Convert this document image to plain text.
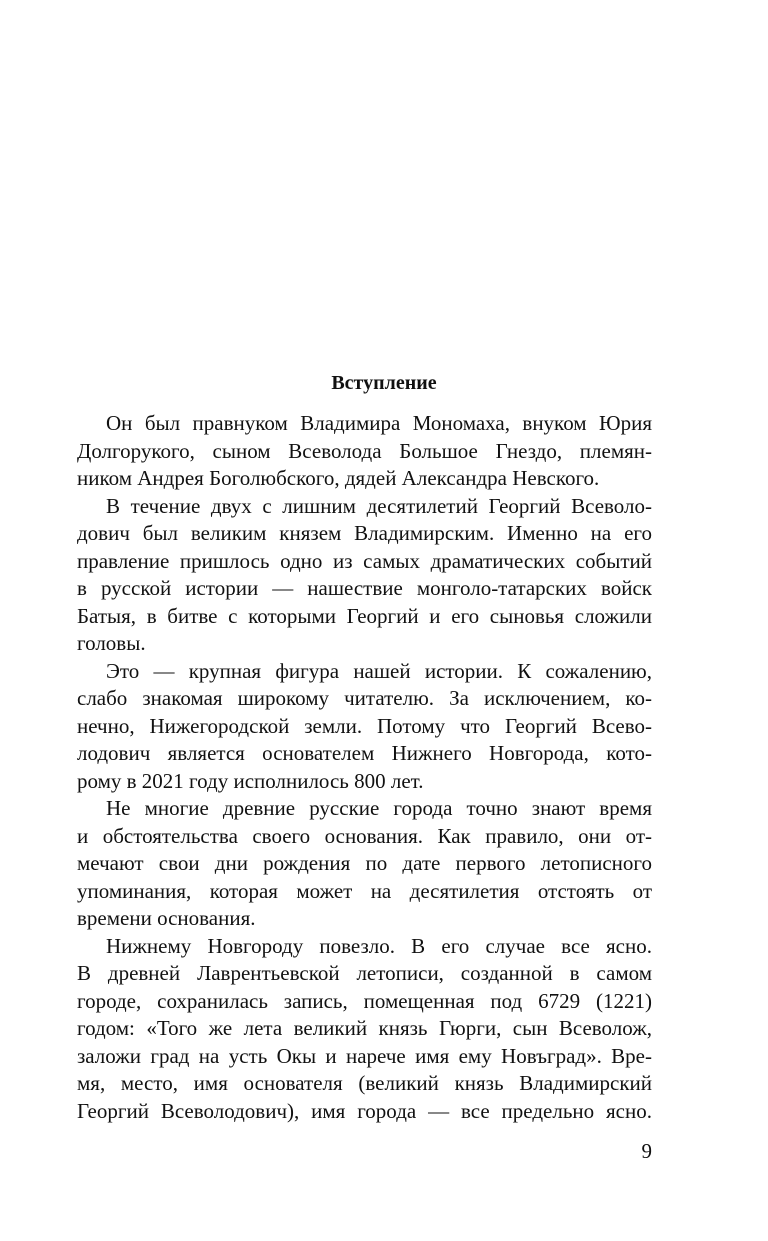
Вступление
Он был правнуком Владимира Мономаха, внуком Юрия
Долгорукого, сыном Всеволода Большое Гнездо, племян-
ником Андрея Боголюбского, дядей Александра Невского.
В течение двух с лишним десятилетий Георгий Всеволо-
дович был великим князем Владимирским. Именно на его
правление пришлось одно из самых драматических событий
в русской истории — нашествие монголо-татарских войск
Батыя, в битве с которыми Георгий и его сыновья сложили
головы.
Это — крупная фигура нашей истории. К сожалению,
слабо знакомая широкому читателю. За исключением, ко-
нечно, Нижегородской земли. Потому что Георгий Всево-
лодович является основателем Нижнего Новгорода, кото-
рому в 2021 году исполнилось 800 лет.
Не многие древние русские города точно знают время
и обстоятельства своего основания. Как правило, они от-
мечают свои дни рождения по дате первого летописного
упоминания, которая может на десятилетия отстоять от
времени основания.
Нижнему Новгороду повезло. В его случае все ясно.
В древней Лаврентьевской летописи, созданной в самом
городе, сохранилась запись, помещенная под 6729 (1221)
годом: «Того же лета великий князь Гюрги, сын Всеволож,
заложи град на усть Окы и нарече имя ему Новъград». Вре-
мя, место, имя основателя (великий князь Владимирский
Георгий Всеволодович), имя города — все предельно ясно.
9
